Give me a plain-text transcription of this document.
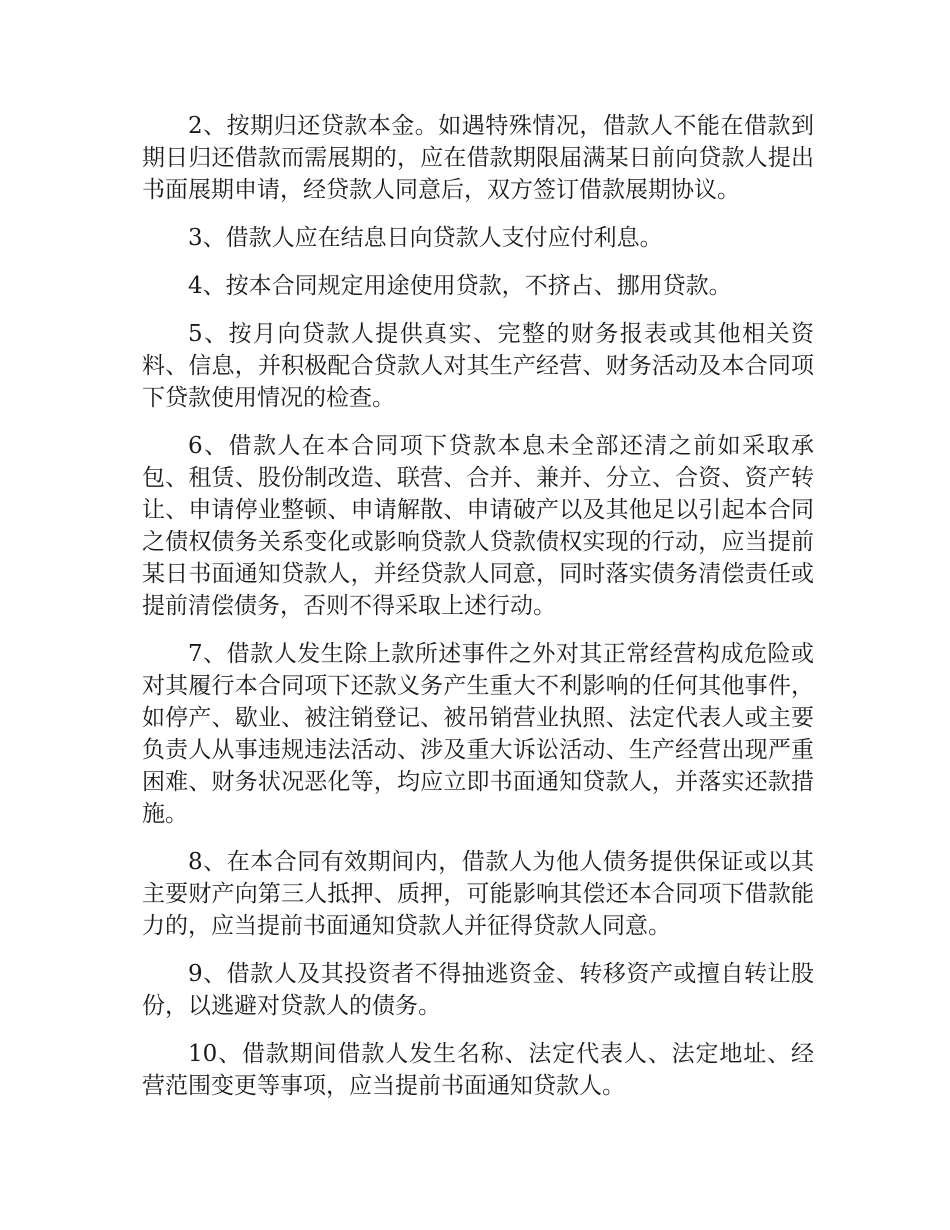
2、按期归还贷款本金。如遇特殊情况，借款人不能在借款到期日归还借款而需展期的，应在借款期限届满某日前向贷款人提出书面展期申请，经贷款人同意后，双方签订借款展期协议。

3、借款人应在结息日向贷款人支付应付利息。

4、按本合同规定用途使用贷款，不挤占、挪用贷款。

5、按月向贷款人提供真实、完整的财务报表或其他相关资料、信息，并积极配合贷款人对其生产经营、财务活动及本合同项下贷款使用情况的检查。

6、借款人在本合同项下贷款本息未全部还清之前如采取承包、租赁、股份制改造、联营、合并、兼并、分立、合资、资产转让、申请停业整顿、申请解散、申请破产以及其他足以引起本合同之债权债务关系变化或影响贷款人贷款债权实现的行动，应当提前某日书面通知贷款人，并经贷款人同意，同时落实债务清偿责任或提前清偿债务，否则不得采取上述行动。

7、借款人发生除上款所述事件之外对其正常经营构成危险或对其履行本合同项下还款义务产生重大不利影响的任何其他事件，如停产、歇业、被注销登记、被吊销营业执照、法定代表人或主要负责人从事违规违法活动、涉及重大诉讼活动、生产经营出现严重困难、财务状况恶化等，均应立即书面通知贷款人，并落实还款措施。

8、在本合同有效期间内，借款人为他人债务提供保证或以其主要财产向第三人抵押、质押，可能影响其偿还本合同项下借款能力的，应当提前书面通知贷款人并征得贷款人同意。

9、借款人及其投资者不得抽逃资金、转移资产或擅自转让股份，以逃避对贷款人的债务。

10、借款期间借款人发生名称、法定代表人、法定地址、经营范围变更等事项，应当提前书面通知贷款人。
